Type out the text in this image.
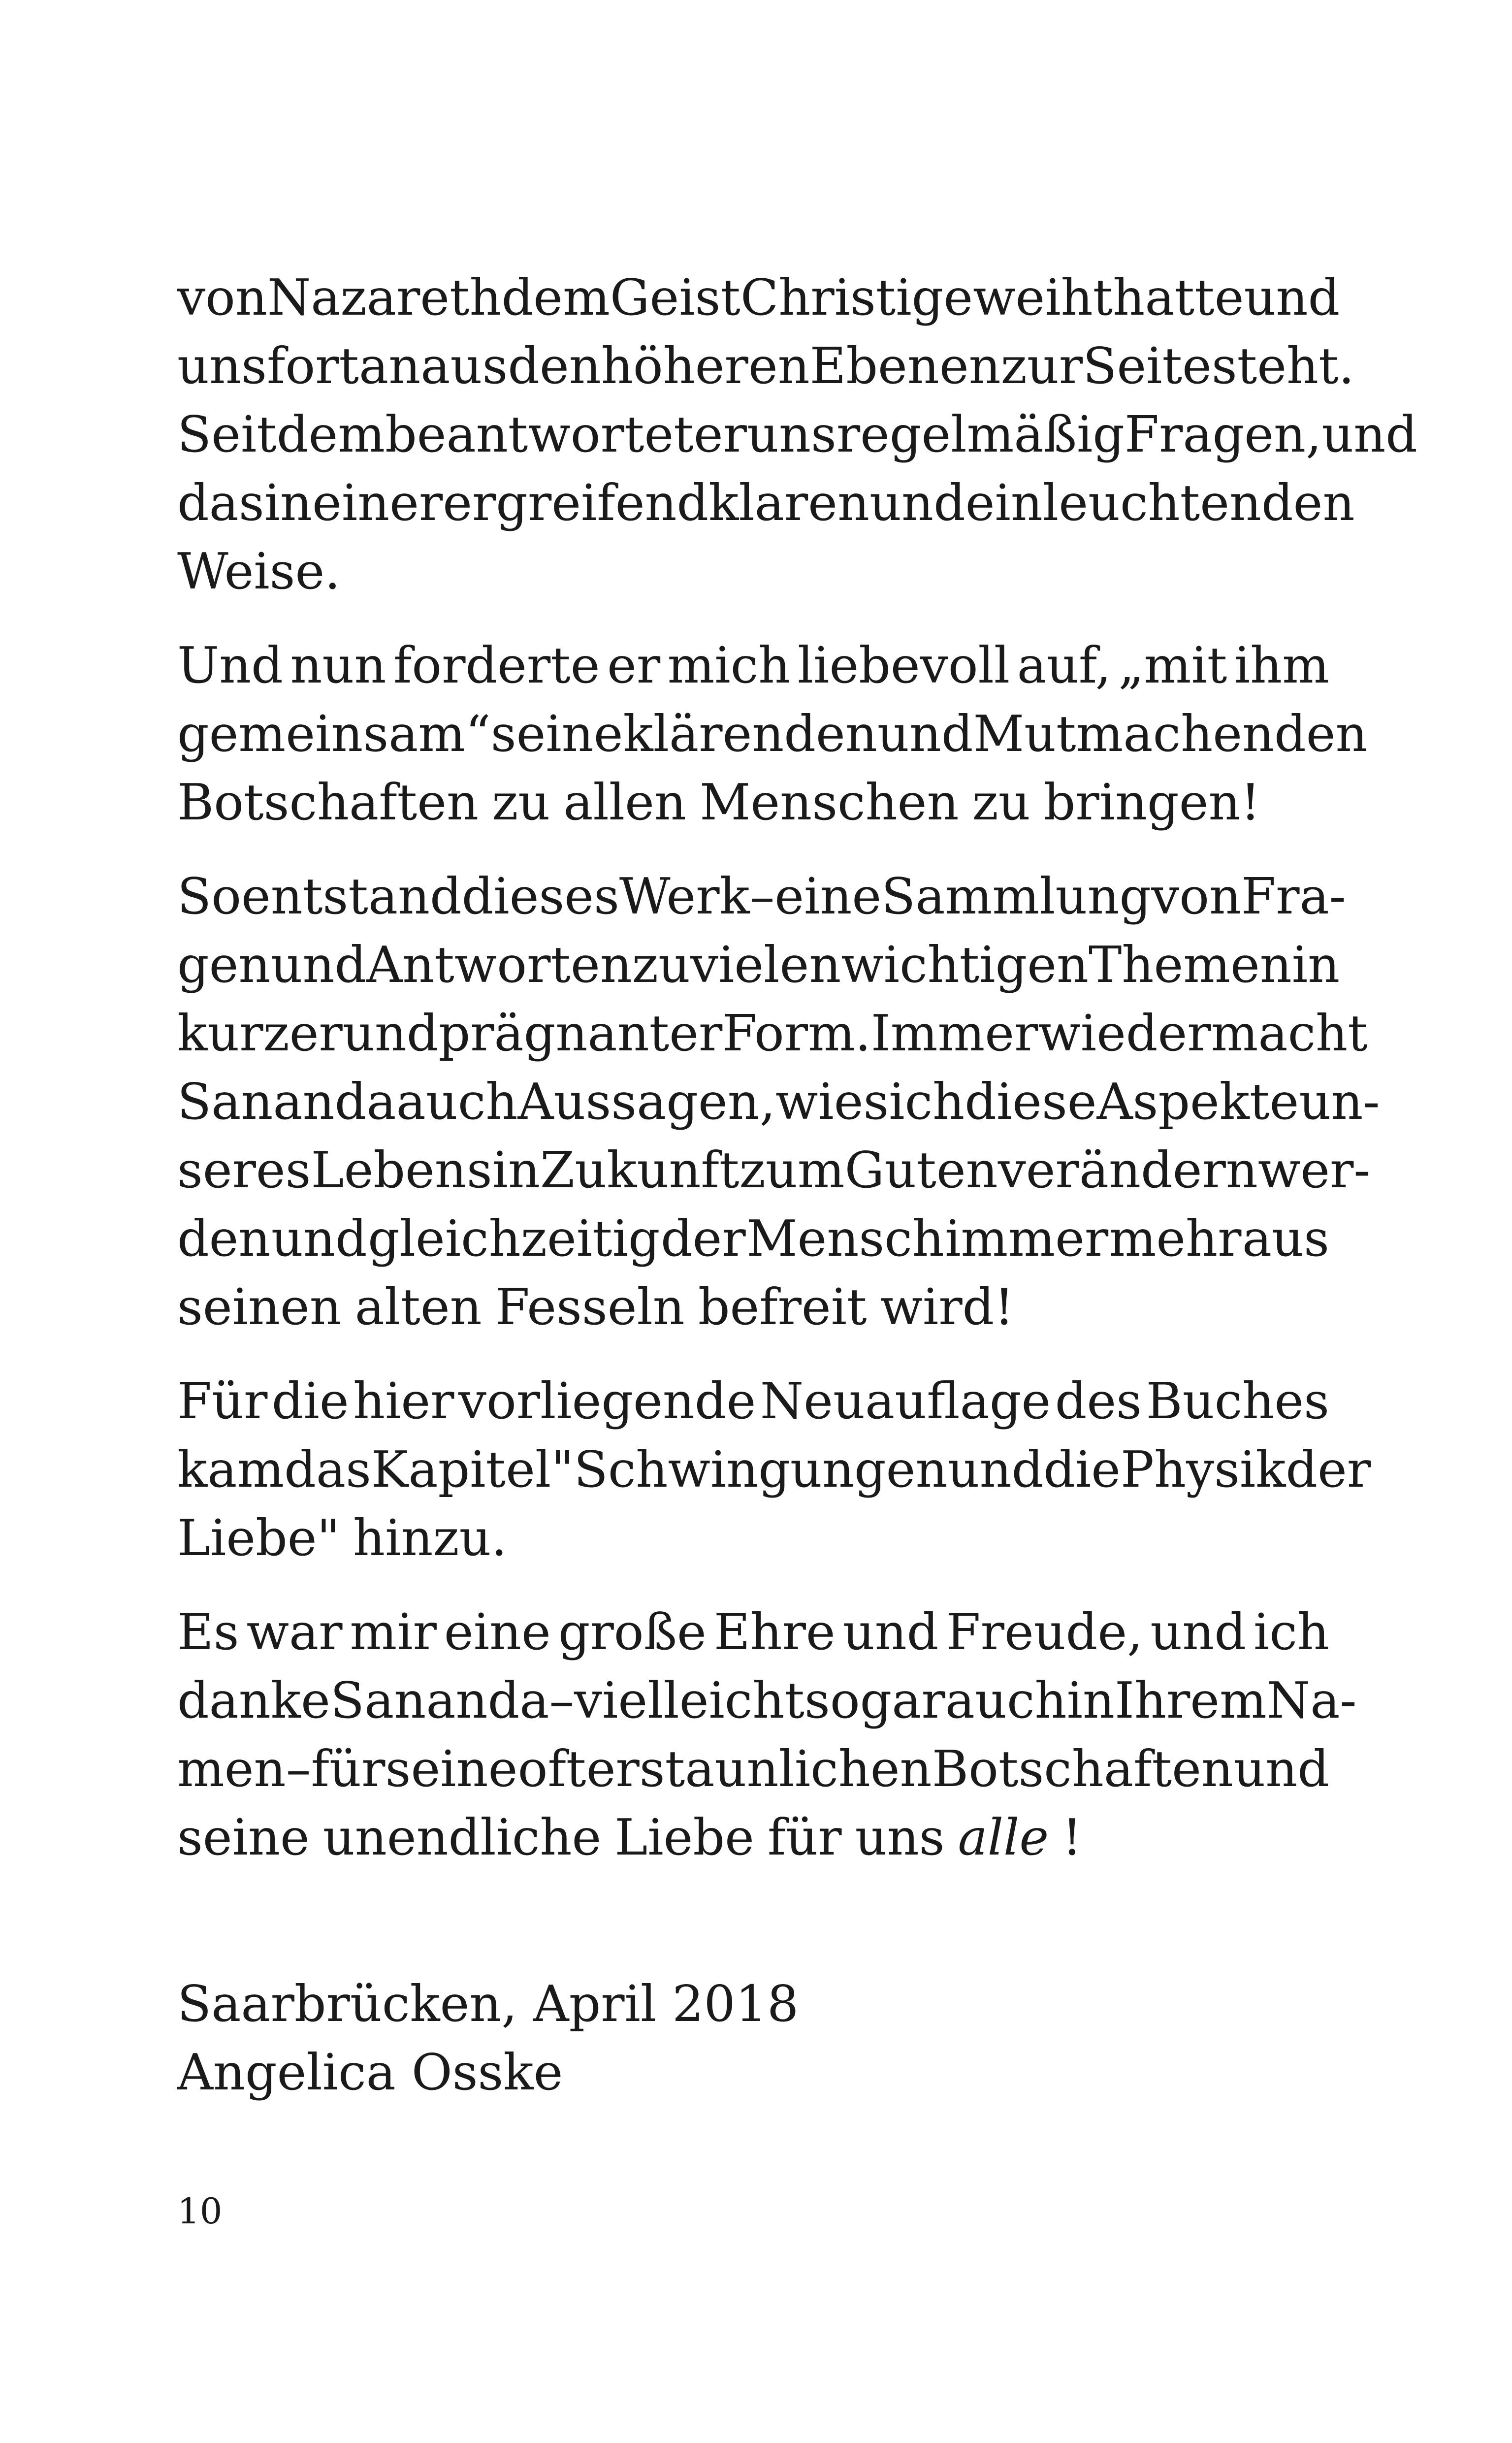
von Nazareth dem Geist Christi geweiht hatte und
uns fortan aus den höheren Ebenen zur Seite steht.
Seitdem beantwortet er uns regelmäßig Fragen, und
das in einer ergreifend klaren und einleuchtenden
Weise.
Und nun forderte er mich liebevoll auf, „mit ihm
gemeinsam“ seine klärenden und Mut machenden
Botschaften zu allen Menschen zu bringen!
So entstand dieses Werk – eine Sammlung von Fra-
gen und Antworten zu vielen wichtigen Themen in
kurzer und prägnanter Form. Immer wieder macht
Sananda auch Aussagen, wie sich diese Aspekte un-
seres Lebens in Zukunft zum Guten verändern wer-
den und gleichzeitig der Mensch immer mehr aus
seinen alten Fesseln befreit wird!
Für die hier vorliegende Neuauflage des Buches
kam das Kapitel "Schwingungen und die Physik der
Liebe" hinzu.
Es war mir eine große Ehre und Freude, und ich
danke Sananda – vielleicht sogar auch in Ihrem Na-
men – für seine oft erstaunlichen Botschaften und
seine unendliche Liebe für uns alle !
Saarbrücken, April 2018
Angelica Osske
10
